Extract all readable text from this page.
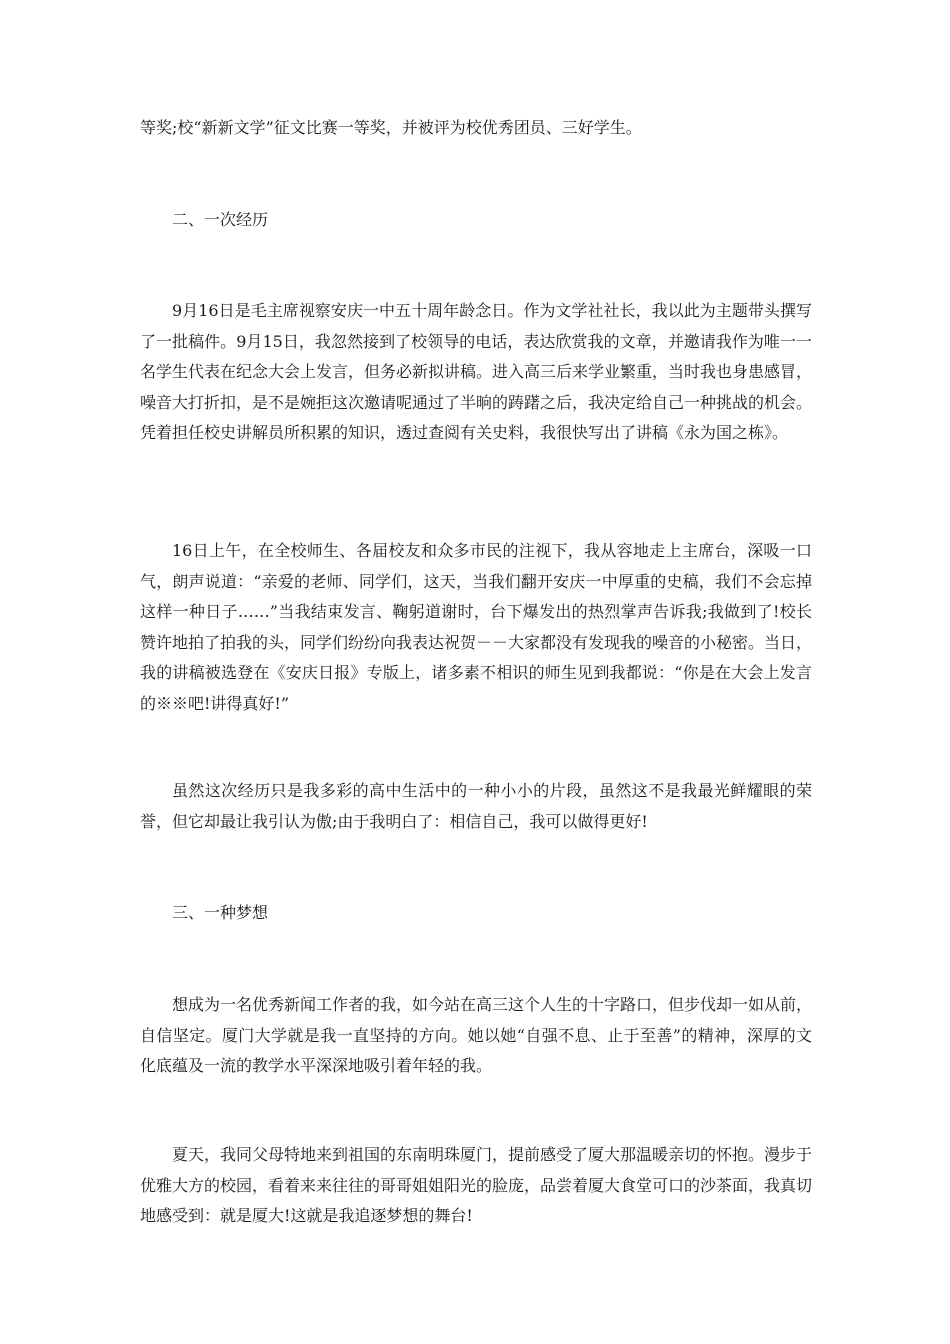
等奖;校“新新文学”征文比赛一等奖，并被评为校优秀团员、三好学生。

二、一次经历

9月16日是毛主席视察安庆一中五十周年龄念日。作为文学社社长，我以此为主题带头撰写了一批稿件。9月15日，我忽然接到了校领导的电话，表达欣赏我的文章，并邀请我作为唯一一名学生代表在纪念大会上发言，但务必新拟讲稿。进入高三后来学业繁重，当时我也身患感冒，噪音大打折扣，是不是婉拒这次邀请呢通过了半晌的踌躇之后，我决定给自己一种挑战的机会。凭着担任校史讲解员所积累的知识，透过查阅有关史料，我很快写出了讲稿《永为国之栋》。

16日上午，在全校师生、各届校友和众多市民的注视下，我从容地走上主席台，深吸一口气，朗声说道：“亲爱的老师、同学们，这天，当我们翻开安庆一中厚重的史稿，我们不会忘掉这样一种日子……”当我结束发言、鞠躬道谢时，台下爆发出的热烈掌声告诉我;我做到了!校长赞许地拍了拍我的头，同学们纷纷向我表达祝贺－－大家都没有发现我的噪音的小秘密。当日，我的讲稿被选登在《安庆日报》专版上，诸多素不相识的师生见到我都说：“你是在大会上发言的※※吧!讲得真好!”

虽然这次经历只是我多彩的高中生活中的一种小小的片段，虽然这不是我最光鲜耀眼的荣誉，但它却最让我引认为傲;由于我明白了：相信自己，我可以做得更好!

三、一种梦想

想成为一名优秀新闻工作者的我，如今站在高三这个人生的十字路口，但步伐却一如从前，自信坚定。厦门大学就是我一直坚持的方向。她以她“自强不息、止于至善”的精神，深厚的文化底蕴及一流的教学水平深深地吸引着年轻的我。

夏天，我同父母特地来到祖国的东南明珠厦门，提前感受了厦大那温暖亲切的怀抱。漫步于优雅大方的校园，看着来来往往的哥哥姐姐阳光的脸庞，品尝着厦大食堂可口的沙茶面，我真切地感受到：就是厦大!这就是我追逐梦想的舞台!
